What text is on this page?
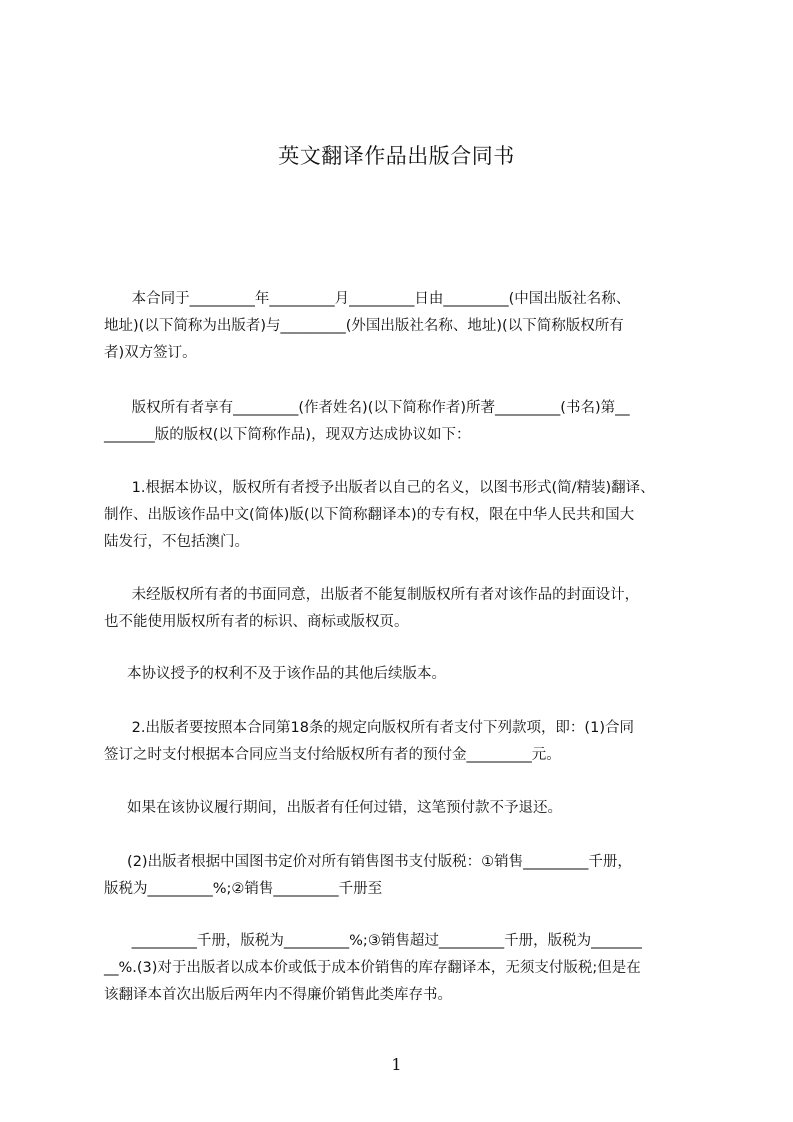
英文翻译作品出版合同书

本合同于_________年_________月_________日由_________(中国出版社名称、
地址)(以下简称为出版者)与_________(外国出版社名称、地址)(以下简称版权所有
者)双方签订。

版权所有者享有_________(作者姓名)(以下简称作者)所著_________(书名)第__
_______版的版权(以下简称作品)，现双方达成协议如下：

1.根据本协议，版权所有者授予出版者以自己的名义，以图书形式(简/精装)翻译、
制作、出版该作品中文(简体)版(以下简称翻译本)的专有权，限在中华人民共和国大
陆发行，不包括澳门。

未经版权所有者的书面同意，出版者不能复制版权所有者对该作品的封面设计，
也不能使用版权所有者的标识、商标或版权页。

本协议授予的权利不及于该作品的其他后续版本。

2.出版者要按照本合同第18条的规定向版权所有者支付下列款项，即：(1)合同
签订之时支付根据本合同应当支付给版权所有者的预付金_________元。

如果在该协议履行期间，出版者有任何过错，这笔预付款不予退还。

(2)出版者根据中国图书定价对所有销售图书支付版税：①销售_________千册，
版税为_________%;②销售_________千册至

_________千册，版税为_________%;③销售超过_________千册，版税为_______
__%.(3)对于出版者以成本价或低于成本价销售的库存翻译本，无须支付版税;但是在
该翻译本首次出版后两年内不得廉价销售此类库存书。

1
